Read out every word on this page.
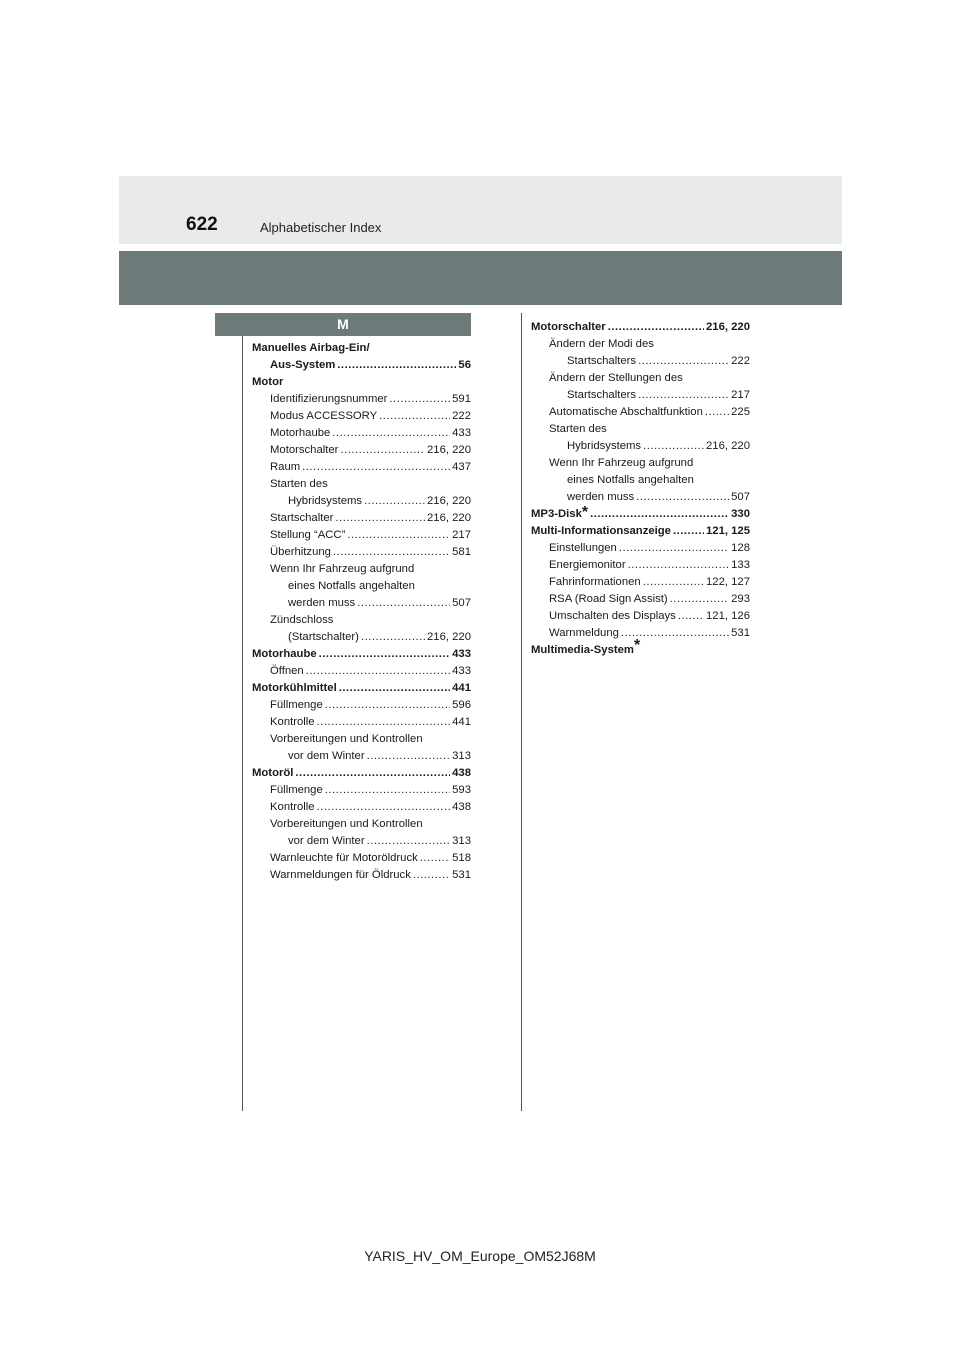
622	Alphabetischer Index
M
Manuelles Airbag-Ein/
Aus-System .....	56
Motor
Identifizierungsnummer .....	591
Modus ACCESSORY .....	222
Motorhaube .....	433
Motorschalter .....	216, 220
Raum .....	437
Starten des
Hybridsystems .....	216, 220
Startschalter .....	216, 220
Stellung “ACC” .....	217
Überhitzung .....	581
Wenn Ihr Fahrzeug aufgrund
eines Notfalls angehalten
werden muss .....	507
Zündschloss
(Startschalter) .....	216, 220
Motorhaube .....	433
Öffnen .....	433
Motorkühlmittel .....	441
Füllmenge .....	596
Kontrolle .....	441
Vorbereitungen und Kontrollen
vor dem Winter .....	313
Motoröl .....	438
Füllmenge .....	593
Kontrolle .....	438
Vorbereitungen und Kontrollen
vor dem Winter .....	313
Warnleuchte für Motoröldruck .....	518
Warnmeldungen für Öldruck .....	531
Motorschalter .....	216, 220
Ändern der Modi des
Startschalters .....	222
Ändern der Stellungen des
Startschalters .....	217
Automatische Abschaltfunktion .....	225
Starten des
Hybridsystems .....	216, 220
Wenn Ihr Fahrzeug aufgrund
eines Notfalls angehalten
werden muss .....	507
MP3-Disk * .....	330
Multi-Informationsanzeige .....	121, 125
Einstellungen .....	128
Energiemonitor .....	133
Fahrinformationen .....	122, 127
RSA (Road Sign Assist) .....	293
Umschalten des Displays .....	121, 126
Warnmeldung .....	531
Multimedia-System*
YARIS_HV_OM_Europe_OM52J68M
